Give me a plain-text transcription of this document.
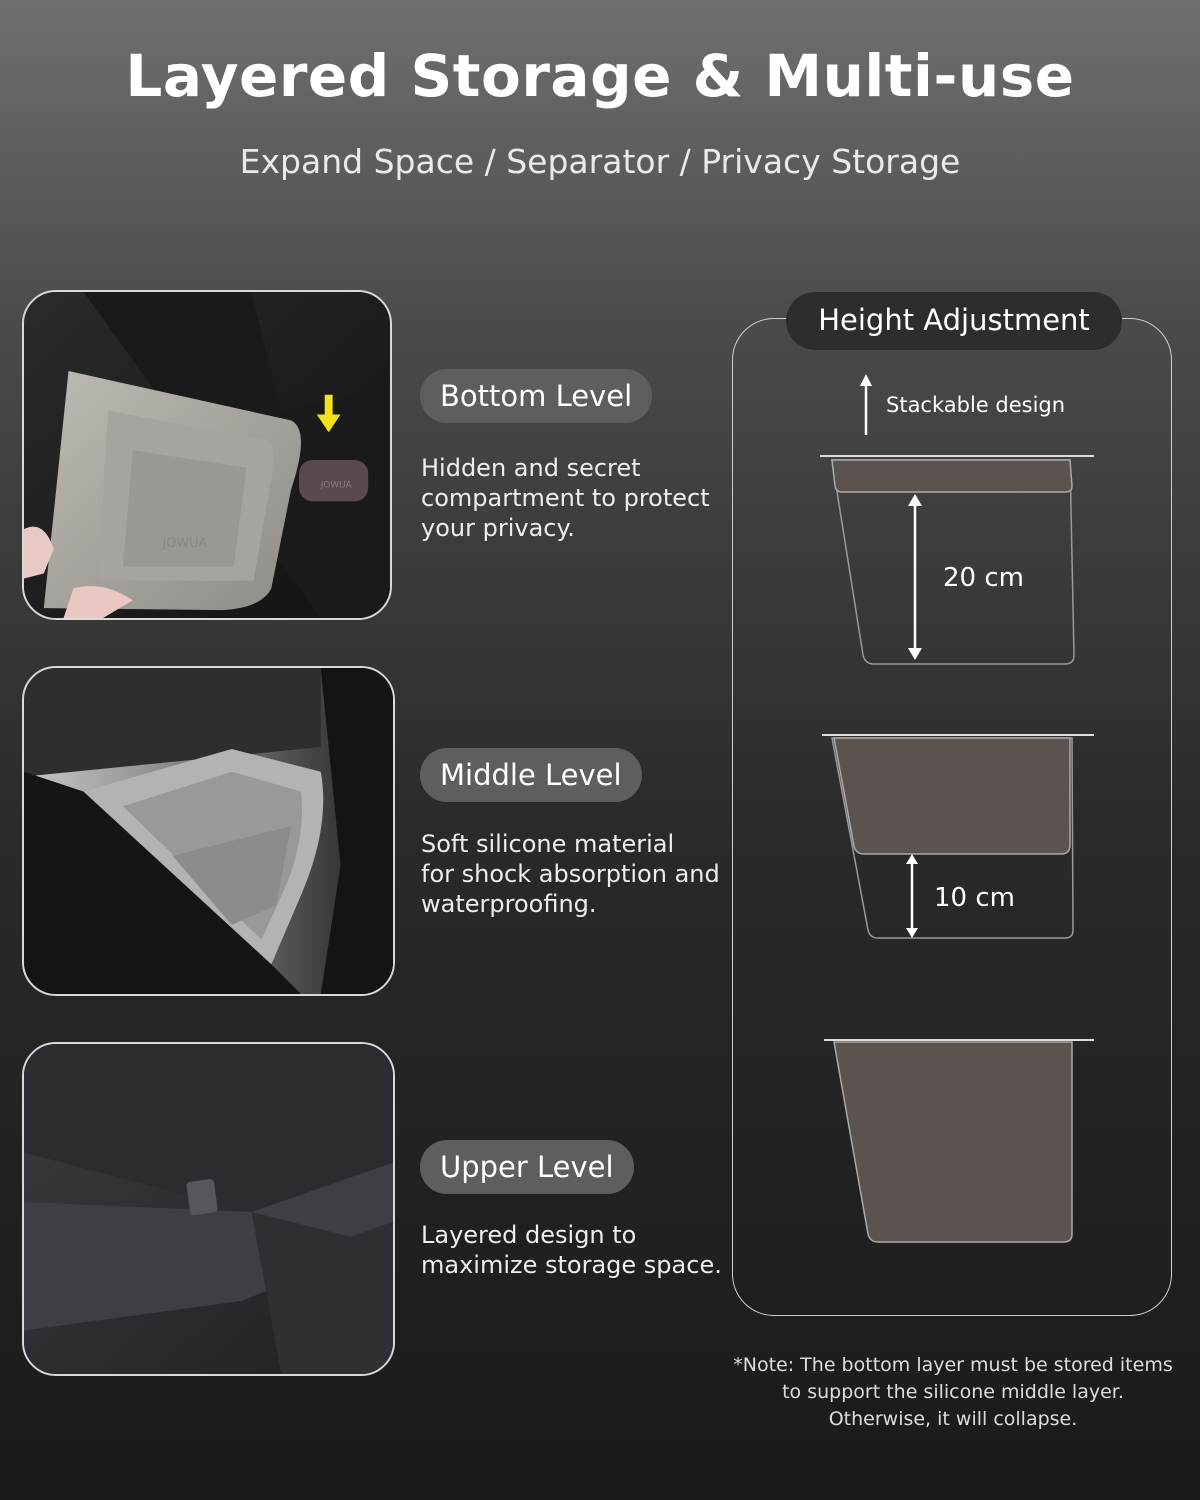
Layered Storage & Multi-use
Expand Space / Separator / Privacy Storage
JOWUA
JOWUA
Bottom Level
Hidden and secret
compartment to protect
your privacy.
Middle Level
Soft silicone material
for shock absorption and
waterproofing.
Upper Level
Layered design to
maximize storage space.
Height Adjustment
Stackable design
20 cm
10 cm
*Note: The bottom layer must be stored items
to support the silicone middle layer.
Otherwise, it will collapse.
